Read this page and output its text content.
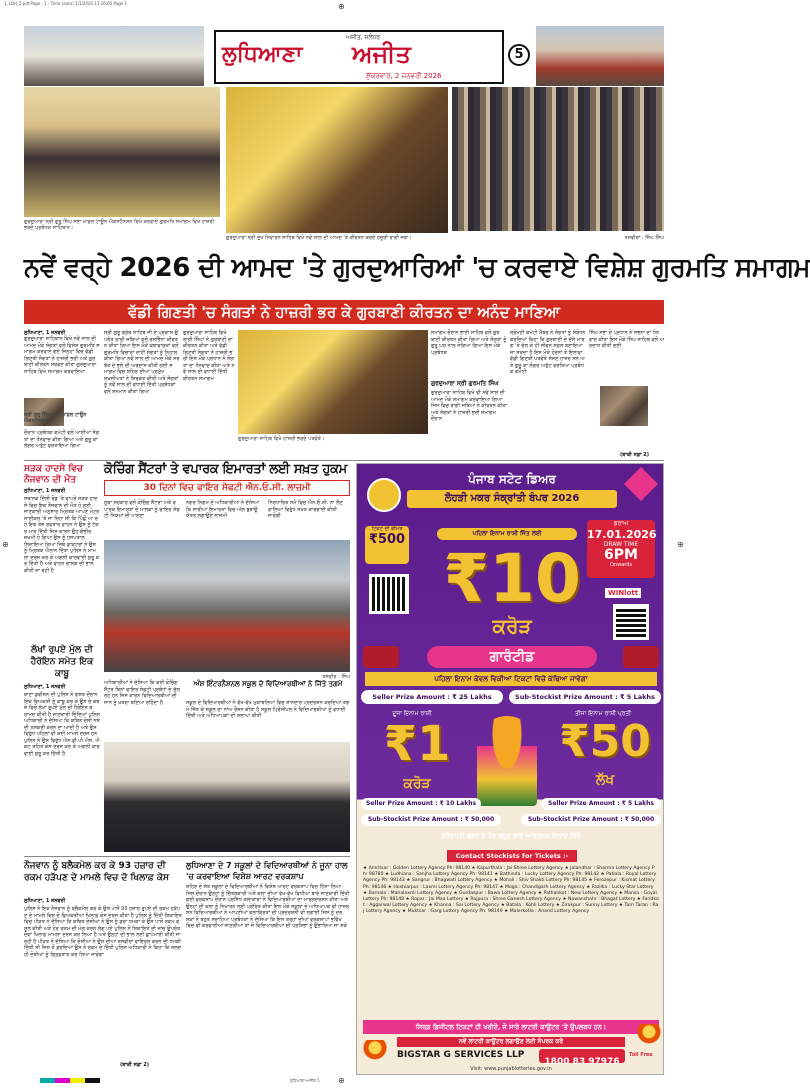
1_LDH_5.pdf-Page - 1 - Time (auto) 1/1/2026 11:16:05 Page 1	⊕
⊕	⊕
⊕
ਅਜੀਤ, ਜਲੰਧਰ
ਲੁਧਿਆਣਾ ਅਜੀਤ
ਸ਼ੁੱਕਰਵਾਰ, 2 ਜਨਵਰੀ 2026
5
ਗੁਰਦੁਆਰਾ ਸ੍ਰੀ ਗੁਰੂ ਸਿੰਘ ਸਭਾ ਮਾਡਲ ਟਾਊਨ ਐਕਸਟੈਨਸ਼ਨ ਵਿਖੇ ਕਰਵਾਏ ਗੁਰਮਤਿ ਸਮਾਗਮ ਵਿਖੇ ਹਾਜ਼ਰੀ ਭਰਦੇ ਪ੍ਰਬੰਧਕ ਸਾਹਿਬਾਨ।
ਗੁਰਦੁਆਰਾ ਸ੍ਰੀ ਦੁਖ ਨਿਵਾਰਨ ਸਾਹਿਬ ਵਿਖੇ ਨਵੇਂ ਸਾਲ ਦੀ ਆਮਦ 'ਤੇ ਕੀਰਤਨ ਕਰਦੇ ਹਜ਼ੂਰੀ ਰਾਗੀ ਜਥਾ।	ਤਸਵੀਰਾਂ : ਸਿੰਘ ਸਿੰਘ
ਨਵੇਂ ਵਰ੍ਹੇ 2026 ਦੀ ਆਮਦ 'ਤੇ ਗੁਰਦੁਆਰਿਆਂ 'ਚ ਕਰਵਾਏ ਵਿਸ਼ੇਸ਼ ਗੁਰਮਤਿ ਸਮਾਗਮ
ਵੱਡੀ ਗਿਣਤੀ 'ਚ ਸੰਗਤਾਂ ਨੇ ਹਾਜ਼ਰੀ ਭਰ ਕੇ ਗੁਰਬਾਣੀ ਕੀਰਤਨ ਦਾ ਅਨੰਦ ਮਾਣਿਆ
ਲੁਧਿਆਣਾ, 1 ਜਨਵਰੀ
ਗੁਰਦੁਆਰਾ ਸਾਹਿਬਾਨ ਵਿਖੇ ਨਵੇਂ ਸਾਲ ਦੀ ਆਮਦ ਮੌਕੇ ਸੰਗਤਾਂ ਵਲੋਂ ਵਿਸ਼ੇਸ਼ ਗੁਰਮਤਿ ਸਮਾਗਮ ਕਰਵਾਏ ਗਏ ਜਿਨ੍ਹਾਂ ਵਿਚ ਵੱਡੀ ਗਿਣਤੀ ਸੰਗਤਾਂ ਨੇ ਹਾਜ਼ਰੀ ਭਰੀ ਅਤੇ ਗੁਰਬਾਣੀ ਕੀਰਤਨ ਸਰਵਣ ਕੀਤਾ ਗੁਰਦੁਆਰਾ ਸਾਹਿਬ ਵਿਖੇ ਸਮਾਗਮ ਕਰਵਾਇਆ
ਸ੍ਰੀ ਗੁਰੂ ਸਿੰਘ ਸਭਾ ਮਾਡਲ ਟਾਊਨ ਐਕਸਟੈਨਸ਼ਨ
ਦੌਰਾਨ ਪ੍ਰਬੰਧਕ ਕਮੇਟੀ ਵਲੋਂ ਆਈਆਂ ਸੰਗਤਾਂ ਦਾ ਧੰਨਵਾਦ ਕੀਤਾ ਗਿਆ ਅਤੇ ਗੁਰੂ ਕਾ ਲੰਗਰ ਅਤੁੱਟ ਵਰਤਾਇਆ ਗਿਆ
ਸ੍ਰੀ ਗੁਰੂ ਗ੍ਰੰਥ ਸਾਹਿਬ ਜੀ ਦੇ ਪ੍ਰਕਾਸ਼ ਉਪਰੰਤ ਰਾਗੀ ਜਥਿਆਂ ਵਲੋਂ ਰਸਭਿੰਨਾ ਕੀਰਤਨ ਕੀਤਾ ਗਿਆ ਇਸ ਮੌਕੇ ਕਥਾਵਾਚਕਾਂ ਵਲੋਂ ਗੁਰਮਤਿ ਵਿਚਾਰਾਂ ਰਾਹੀਂ ਸੰਗਤਾਂ ਨੂੰ ਨਿਹਾਲ ਕੀਤਾ ਗਿਆ ਨਵੇਂ ਸਾਲ ਦੀ ਆਮਦ ਮੌਕੇ ਸਰਬੱਤ ਦੇ ਭਲੇ ਦੀ ਅਰਦਾਸ ਕੀਤੀ ਗਈ ਸਮਾਗਮ ਵਿਚ ਸ਼ਹਿਰ ਦੀਆਂ ਪ੍ਰਮੁੱਖ ਸ਼ਖ਼ਸੀਅਤਾਂ ਨੇ ਸ਼ਿਰਕਤ ਕੀਤੀ ਅਤੇ ਸੰਗਤਾਂ ਨੂੰ ਨਵੇਂ ਸਾਲ ਦੀ ਵਧਾਈ ਦਿੱਤੀ ਪ੍ਰਬੰਧਕਾਂ ਵਲੋਂ ਸਨਮਾਨ ਕੀਤਾ ਗਿਆ
ਗੁਰਦੁਆਰਾ ਸਾਹਿਬ ਵਿਖੇ ਰਾਗੀ ਸਿੰਘਾਂ ਨੇ ਗੁਰਬਾਣੀ ਦਾ ਕੀਰਤਨ ਕੀਤਾ ਅਤੇ ਵੱਡੀ ਗਿਣਤੀ ਸੰਗਤਾਂ ਨੇ ਹਾਜ਼ਰੀ ਭਰੀ ਇਸ ਮੌਕੇ ਪ੍ਰਧਾਨ ਨੇ ਸੰਗਤਾਂ ਦਾ ਧੰਨਵਾਦ ਕੀਤਾ ਅਤੇ ਨਵੇਂ ਸਾਲ ਦੀ ਵਧਾਈ ਦਿੱਤੀ ਕੀਰਤਨ ਸਮਾਗਮ
ਗੁਰਦੁਆਰਾ ਸਾਹਿਬ ਵਿਖੇ ਹਾਜ਼ਰੀ ਭਰਦੇ ਪਤਵੰਤੇ।
ਸਮਾਗਮ ਦੌਰਾਨ ਭਾਈ ਸਾਹਿਬ ਵਲੋਂ ਗੁਰਬਾਣੀ ਕੀਰਤਨ ਕੀਤਾ ਗਿਆ ਅਤੇ ਸੰਗਤਾਂ ਨੂੰ ਗੁਰੂ ਘਰ ਨਾਲ ਜੋੜਿਆ ਗਿਆ ਇਸ ਮੌਕੇ ਪ੍ਰਬੰਧਕ
ਗੁਰਦੁਆਰਾ ਸ੍ਰੀ ਗੁਰਮਤਿ ਸਿੰਘ
ਗੁਰਦੁਆਰਾ ਸਾਹਿਬ ਵਿਖੇ ਵੀ ਨਵੇਂ ਸਾਲ ਦੀ ਆਮਦ ਮੌਕੇ ਸਮਾਗਮ ਕਰਵਾਇਆ ਗਿਆ ਜਿਸ ਵਿਚ ਰਾਗੀ ਜਥਿਆਂ ਨੇ ਕੀਰਤਨ ਕੀਤਾ ਅਤੇ ਸੰਗਤਾਂ ਨੇ ਹਾਜ਼ਰੀ ਭਰੀ ਸਮਾਗਮ ਦੌਰਾਨ
ਸ਼੍ਰੋਮਣੀ ਕਮੇਟੀ ਮੈਂਬਰ ਨੇ ਸੰਗਤਾਂ ਨੂੰ ਸੰਬੋਧਨ ਕਰਦਿਆਂ ਕਿਹਾ ਕਿ ਗੁਰਬਾਣੀ ਦੇ ਦੱਸੇ ਮਾਰਗ 'ਤੇ ਚੱਲ ਕੇ ਹੀ ਜੀਵਨ ਸਫ਼ਲ ਬਣਾਇਆ ਜਾ ਸਕਦਾ ਹੈ ਇਸ ਮੌਕੇ ਹੋਰਨਾਂ ਤੋਂ ਇਲਾਵਾ ਵੱਡੀ ਗਿਣਤੀ ਪਤਵੰਤੇ ਸੱਜਣ ਹਾਜ਼ਰ ਸਨ ਅਤੇ ਗੁਰੂ ਕਾ ਲੰਗਰ ਅਤੁੱਟ ਵਰਤਿਆ ਪ੍ਰਬੰਧਕ ਕਮੇਟੀ
ਸਿੰਘ ਸਭਾ ਦੇ ਪ੍ਰਧਾਨ ਨੇ ਸਭਨਾਂ ਦਾ ਧੰਨਵਾਦ ਕੀਤਾ ਇਸ ਮੌਕੇ ਸਿੰਘ ਸਾਹਿਬ ਵਲੋਂ ਅਰਦਾਸ ਕੀਤੀ ਗਈ
(ਬਾਕੀ ਸਫ਼ਾ 2)
ਸੜਕ ਹਾਦਸੇ ਵਿਚ ਨੌਜਵਾਨ ਦੀ ਮੌਤ
ਲੁਧਿਆਣਾ, 1 ਜਨਵਰੀ
ਸਥਾਨਕ ਦਿੱਲੀ ਰੋਡ 'ਤੇ ਵਾਪਰੇ ਸੜਕ ਹਾਦਸੇ ਵਿਚ ਇਕ ਨੌਜਵਾਨ ਦੀ ਮੌਤ ਹੋ ਗਈ ਜਾਣਕਾਰੀ ਅਨੁਸਾਰ ਮ੍ਰਿਤਕ ਆਪਣੇ ਮੋਟਰਸਾਈਕਲ 'ਤੇ ਜਾ ਰਿਹਾ ਸੀ ਕਿ ਪਿੱਛੋਂ ਆ ਰਹੇ ਇਕ ਤੇਜ਼ ਰਫ਼ਤਾਰ ਵਾਹਨ ਨੇ ਉਸ ਨੂੰ ਟੱਕਰ ਮਾਰ ਦਿੱਤੀ ਜਿਸ ਕਾਰਨ ਉਹ ਗੰਭੀਰ ਜ਼ਖ਼ਮੀ ਹੋ ਗਿਆ ਉਸ ਨੂੰ ਹਸਪਤਾਲ ਲਿਜਾਇਆ ਗਿਆ ਜਿਥੇ ਡਾਕਟਰਾਂ ਨੇ ਉਸ ਨੂੰ ਮ੍ਰਿਤਕ ਐਲਾਨ ਦਿੱਤਾ ਪੁਲਿਸ ਨੇ ਮਾਮਲਾ ਦਰਜ ਕਰ ਕੇ ਅਗਲੀ ਕਾਰਵਾਈ ਸ਼ੁਰੂ ਕਰ ਦਿੱਤੀ ਹੈ ਅਤੇ ਵਾਹਨ ਚਾਲਕ ਦੀ ਭਾਲ ਕੀਤੀ ਜਾ ਰਹੀ ਹੈ
ਲੱਖਾਂ ਰੁਪਏ ਮੁੱਲ ਦੀ ਹੈਰੋਇਨ ਸਮੇਤ ਇਕ ਕਾਬੂ
ਲੁਧਿਆਣਾ, 1 ਜਨਵਰੀ
ਥਾਣਾ ਡਵੀਜ਼ਨ ਦੀ ਪੁਲਿਸ ਨੇ ਗਸ਼ਤ ਦੌਰਾਨ ਇਕ ਵਿਅਕਤੀ ਨੂੰ ਕਾਬੂ ਕਰ ਕੇ ਉਸ ਦੇ ਕਬਜ਼ੇ ਵਿਚੋਂ ਲੱਖਾਂ ਰੁਪਏ ਮੁੱਲ ਦੀ ਹੈਰੋਇਨ ਬਰਾਮਦ ਕੀਤੀ ਹੈ ਜਾਣਕਾਰੀ ਦਿੰਦਿਆਂ ਪੁਲਿਸ ਅਧਿਕਾਰੀ ਨੇ ਦੱਸਿਆ ਕਿ ਕਥਿਤ ਦੋਸ਼ੀ ਨਸ਼ੇ ਦੀ ਤਸਕਰੀ ਕਰਨ ਦਾ ਆਦੀ ਹੈ ਅਤੇ ਉਸ ਵਿਰੁੱਧ ਪਹਿਲਾਂ ਵੀ ਕਈ ਮਾਮਲੇ ਦਰਜ ਹਨ ਪੁਲਿਸ ਨੇ ਉਸ ਵਿਰੁੱਧ ਐਨ.ਡੀ.ਪੀ.ਐਸ. ਐਕਟ ਤਹਿਤ ਕੇਸ ਦਰਜ ਕਰ ਕੇ ਅਗਲੀ ਕਾਰਵਾਈ ਸ਼ੁਰੂ ਕਰ ਦਿੱਤੀ ਹੈ
ਕੋਚਿੰਗ ਸੈਂਟਰਾਂ ਤੇ ਵਪਾਰਕ ਇਮਾਰਤਾਂ ਲਈ ਸਖ਼ਤ ਹੁਕਮ
30 ਦਿਨਾਂ ਵਿਚ ਫਾਇਰ ਸੇਫਟੀ ਐਨ.ਓ.ਸੀ. ਲਾਜ਼ਮੀ
ਸੂਬਾ ਸਰਕਾਰ ਵਲੋਂ ਕੋਚਿੰਗ ਸੈਂਟਰਾਂ ਅਤੇ ਵਪਾਰਕ ਇਮਾਰਤਾਂ ਦੇ ਮਾਲਕਾਂ ਨੂੰ ਫਾਇਰ ਸੇਫਟੀ ਨਿਯਮਾਂ ਦੀ ਪਾਲਣਾ
ਨਗਰ ਨਿਗਮ ਦੇ ਅਧਿਕਾਰੀਆਂ ਨੇ ਦੱਸਿਆ ਕਿ ਸਾਰੀਆਂ ਇਮਾਰਤਾਂ ਵਿਚ ਅੱਗ ਬੁਝਾਊ ਯੰਤਰ ਲਗਾਉਣੇ ਲਾਜ਼ਮੀ
ਨਿਰਧਾਰਿਤ ਸਮੇਂ ਵਿਚ ਐਨ.ਓ.ਸੀ. ਨਾ ਲੈਣ ਵਾਲਿਆਂ ਵਿਰੁੱਧ ਸਖ਼ਤ ਕਾਰਵਾਈ ਕੀਤੀ ਜਾਵੇਗੀ
ਤਸਵੀਰ : ਸਿੰਘ
ਅਧਿਕਾਰੀਆਂ ਨੇ ਦੱਸਿਆ ਕਿ ਕਈ ਕੋਚਿੰਗ ਸੈਂਟਰ ਬਿਨਾਂ ਫਾਇਰ ਸੇਫਟੀ ਪ੍ਰਬੰਧਾਂ ਦੇ ਚੱਲ ਰਹੇ ਹਨ ਜਿਸ ਕਾਰਨ ਵਿਦਿਆਰਥੀਆਂ ਦੀ ਜਾਨ ਨੂੰ ਖ਼ਤਰਾ ਬਣਿਆ ਰਹਿੰਦਾ ਹੈ
ਅੰਸ਼ ਇੰਟਰਨੈਸ਼ਨਲ ਸਕੂਲ ਦੇ ਵਿਦਿਆਰਥੀਆਂ ਨੇ ਜਿੱਤੇ ਤਗਮੇ
ਸਕੂਲ ਦੇ ਵਿਦਿਆਰਥੀਆਂ ਨੇ ਵੱਖ-ਵੱਖ ਮੁਕਾਬਲਿਆਂ ਵਿਚ ਸ਼ਾਨਦਾਰ ਪ੍ਰਦਰਸ਼ਨ ਕਰਦਿਆਂ ਤਗਮੇ ਜਿੱਤ ਕੇ ਸਕੂਲ ਦਾ ਨਾਂਅ ਰੌਸ਼ਨ ਕੀਤਾ ਹੈ ਸਕੂਲ ਪ੍ਰਿੰਸੀਪਲ ਨੇ ਵਿਦਿਆਰਥੀਆਂ ਨੂੰ ਵਧਾਈ ਦਿੱਤੀ ਅਤੇ ਅਧਿਆਪਕਾਂ ਦੀ ਸ਼ਲਾਘਾ ਕੀਤੀ
ਨੌਜਵਾਨ ਨੂੰ ਬਲੈਕਮੇਲ ਕਰ ਕੇ 93 ਹਜ਼ਾਰ ਦੀ ਰਕਮ ਹੜੱਪਣ ਦੇ ਮਾਮਲੇ ਵਿਚ ਦੋ ਖਿਲਾਫ਼ ਕੇਸ
ਲੁਧਿਆਣਾ, 1 ਜਨਵਰੀ
ਪੁਲਿਸ ਨੇ ਇਕ ਨੌਜਵਾਨ ਨੂੰ ਬਲੈਕਮੇਲ ਕਰ ਕੇ ਉਸ ਪਾਸੋਂ 93 ਹਜ਼ਾਰ ਰੁਪਏ ਦੀ ਰਕਮ ਹੜੱਪਣ ਦੇ ਮਾਮਲੇ ਵਿਚ ਦੋ ਵਿਅਕਤੀਆਂ ਖਿਲਾਫ਼ ਕੇਸ ਦਰਜ ਕੀਤਾ ਹੈ ਪੁਲਿਸ ਨੂੰ ਦਿੱਤੀ ਸ਼ਿਕਾਇਤ ਵਿਚ ਪੀੜਤ ਨੇ ਦੱਸਿਆ ਕਿ ਕਥਿਤ ਦੋਸ਼ੀਆਂ ਨੇ ਉਸ ਨੂੰ ਡਰਾ ਧਮਕਾ ਕੇ ਉਸ ਪਾਸੋਂ ਰਕਮ ਵਸੂਲ ਕੀਤੀ ਅਤੇ ਹੋਰ ਰਕਮ ਦੀ ਮੰਗ ਕਰਨ ਲੱਗ ਪਏ ਪੁਲਿਸ ਨੇ ਸ਼ਿਕਾਇਤ ਦੀ ਜਾਂਚ ਉਪਰੰਤ ਦੋਵਾਂ ਖਿਲਾਫ਼ ਮਾਮਲਾ ਦਰਜ ਕਰ ਲਿਆ ਹੈ ਅਤੇ ਉਨ੍ਹਾਂ ਦੀ ਭਾਲ ਲਈ ਛਾਪੇਮਾਰੀ ਕੀਤੀ ਜਾ ਰਹੀ ਹੈ ਪੀੜਤ ਨੇ ਦੱਸਿਆ ਕਿ ਦੋਸ਼ੀਆਂ ਨੇ ਉਸ ਦੀਆਂ ਤਸਵੀਰਾਂ ਵਾਇਰਲ ਕਰਨ ਦੀ ਧਮਕੀ ਦਿੱਤੀ ਸੀ ਜਿਸ ਤੋਂ ਡਰਦਿਆਂ ਉਸ ਨੇ ਰਕਮ ਦੇ ਦਿੱਤੀ ਪੁਲਿਸ ਅਧਿਕਾਰੀ ਨੇ ਕਿਹਾ ਕਿ ਜਲਦ ਹੀ ਦੋਸ਼ੀਆਂ ਨੂੰ ਗ੍ਰਿਫ਼ਤਾਰ ਕਰ ਲਿਆ ਜਾਵੇਗਾ
ਲੁਧਿਆਣਾ ਦੇ 7 ਸਕੂਲਾਂ ਦੇ ਵਿਦਿਆਰਥੀਆਂ ਨੇ ਜੂਨਾ ਹਾਲ 'ਚ ਕਰਵਾਇਆ ਵਿਸ਼ੇਸ਼ ਆਰਟ ਵਰਕਸ਼ਾਪ
ਸ਼ਹਿਰ ਦੇ ਸੱਤ ਸਕੂਲਾਂ ਦੇ ਵਿਦਿਆਰਥੀਆਂ ਨੇ ਵਿਸ਼ੇਸ਼ ਆਰਟ ਵਰਕਸ਼ਾਪ ਵਿਚ ਹਿੱਸਾ ਲਿਆ ਜਿਸ ਦੌਰਾਨ ਉਨ੍ਹਾਂ ਨੂੰ ਚਿੱਤਰਕਾਰੀ ਅਤੇ ਕਲਾ ਦੀਆਂ ਵੱਖ-ਵੱਖ ਵਿਧੀਆਂ ਬਾਰੇ ਜਾਣਕਾਰੀ ਦਿੱਤੀ ਗਈ ਵਰਕਸ਼ਾਪ ਦੌਰਾਨ ਪ੍ਰਸਿੱਧ ਕਲਾਕਾਰਾਂ ਨੇ ਵਿਦਿਆਰਥੀਆਂ ਦਾ ਮਾਰਗਦਰਸ਼ਨ ਕੀਤਾ ਅਤੇ ਉਨ੍ਹਾਂ ਦੀ ਕਲਾ ਨੂੰ ਨਿਖਾਰਨ ਲਈ ਪ੍ਰੇਰਿਤ ਕੀਤਾ ਇਸ ਮੌਕੇ ਸਕੂਲਾਂ ਦੇ ਅਧਿਆਪਕ ਵੀ ਹਾਜ਼ਰ ਸਨ ਵਿਦਿਆਰਥੀਆਂ ਨੇ ਆਪਣੀਆਂ ਕਲਾਕ੍ਰਿਤਾਂ ਦੀ ਪ੍ਰਦਰਸ਼ਨੀ ਵੀ ਲਗਾਈ ਜਿਸ ਨੂੰ ਦਰਸ਼ਕਾਂ ਨੇ ਬਹੁਤ ਸਰਾਹਿਆ ਪ੍ਰਬੰਧਕਾਂ ਨੇ ਦੱਸਿਆ ਕਿ ਇਸ ਤਰ੍ਹਾਂ ਦੀਆਂ ਵਰਕਸ਼ਾਪਾਂ ਭਵਿੱਖ ਵਿਚ ਵੀ ਕਰਵਾਈਆਂ ਜਾਣਗੀਆਂ ਤਾਂ ਜੋ ਵਿਦਿਆਰਥੀਆਂ ਦੀ ਪ੍ਰਤਿਭਾ ਨੂੰ ਉਭਾਰਿਆ ਜਾ ਸਕੇ
(ਬਾਕੀ ਸਫ਼ਾ 2)
ਲੁਧਿਆਣਾ-ਅਜੀਤ 5
ਪੰਜਾਬ ਸਟੇਟ ਡਿਅਰ
ਲੋਹੜੀ ਮਕਰ ਸੰਕ੍ਰਾਂਤੀ ਬੰਪਰ 2026
ਡਰਾਅ
17.01.2026
DRAW TIME
6PM
Onwards
ਟਿਕਟ ਦੀ ਕੀਮਤ
₹500	ਪਹਿਲਾ ਇਨਾਮ ਰਾਸ਼ੀ ਜਿੱਤ ਲਈ
₹10
ਕਰੋੜ
WINlott
ਗਾਰੰਟੀਡ
ਪਹਿਲਾ ਇਨਾਮ ਕੇਵਲ ਵਿਕੀਆਂ ਟਿਕਟਾਂ ਵਿਚੋਂ ਕੱਢਿਆ ਜਾਵੇਗਾ
Seller Prize Amount : ₹ 25 Lakhs	Sub-Stockist Prize Amount : ₹ 5 Lakhs
ਦੂਜਾ ਇਨਾਮ ਰਾਸ਼ੀ
₹1
ਕਰੋੜ
ਤੀਜਾ ਇਨਾਮ ਰਾਸ਼ੀ ਪ੍ਰਤੀ
₹50
ਲੱਖ
Seller Prize Amount : ₹ 10 Lakhs	Seller Prize Amount : ₹ 5 Lakhs
Sub-Stockist Prize Amount : ₹ 50,000	Sub-Stockist Prize Amount : ₹ 50,000
ਕਰੋੜਪਤੀ ਬਣਨ ਦੇ ਹੋਰ ਬਹੁਤ ਸਾਰੇ ਆਕਰਸ਼ਕ ਇਨਾਮ ਜਿੱਤੋ
Contact Stockists for Tickets :-
★ Amritsar : Golden Lottery Agency Ph: 98140 ★ Kapurthala : Jai Shree Lottery Agency ★ Jalandhar : Sharma Lottery Agency Ph: 98780 ★ Ludhiana : Sanjha Lottery Agency Ph: 98141 ★ Bathinda : Lucky Lottery Agency Ph: 98142 ★ Patiala : Royal Lottery Agency Ph: 98143 ★ Sangrur : Bhagwati Lottery Agency ★ Mohali : Shiv Shakti Lottery Ph: 98145 ★ Ferozepur : Kismat Lottery Ph: 98146 ★ Hoshiarpur : Laxmi Lottery Agency Ph: 98147 ★ Moga : Chandigarh Lottery Agency ★ Fazilka : Lucky Star Lottery ★ Barnala : Mahalaxmi Lottery Agency ★ Gurdaspur : Bawa Lottery Agency ★ Pathankot : New Lottery Agency ★ Mansa : Goyal Lottery Ph: 98148 ★ Ropar : Jai Maa Lottery ★ Rajpura : Shree Ganesh Lottery Agency ★ Nawanshahr : Bhagat Lottery ★ Faridkot : Aggarwal Lottery Agency ★ Khanna : Sai Lottery Agency ★ Batala : Kohli Lottery ★ Zirakpur : Sunny Lottery ★ Tarn Taran : Raj Lottery Agency ★ Muktsar : Garg Lottery Agency Ph: 98149 ★ Malerkotla : Anand Lottery Agency
ਸਿਰਫ਼ ਡਿਜੀਟਲ ਟਿਕਟਾਂ ਹੀ ਖਰੀਦੋ, ਜੋ ਸਾਰੇ ਲਾਟਰੀ ਕਾਊਂਟਰ 'ਤੇ ਉਪਲਬਧ ਹਨ।
ਨਵੇਂ ਲਾਟਰੀ ਕਾਊਂਟਰ ਲਗਾਉਣ ਲਈ ਸੰਪਰਕ ਕਰੋ
BIGSTAR G SERVICES LLP
1800 83 97976
Toll Free
Visit: www.punjablotteries.gov.in
